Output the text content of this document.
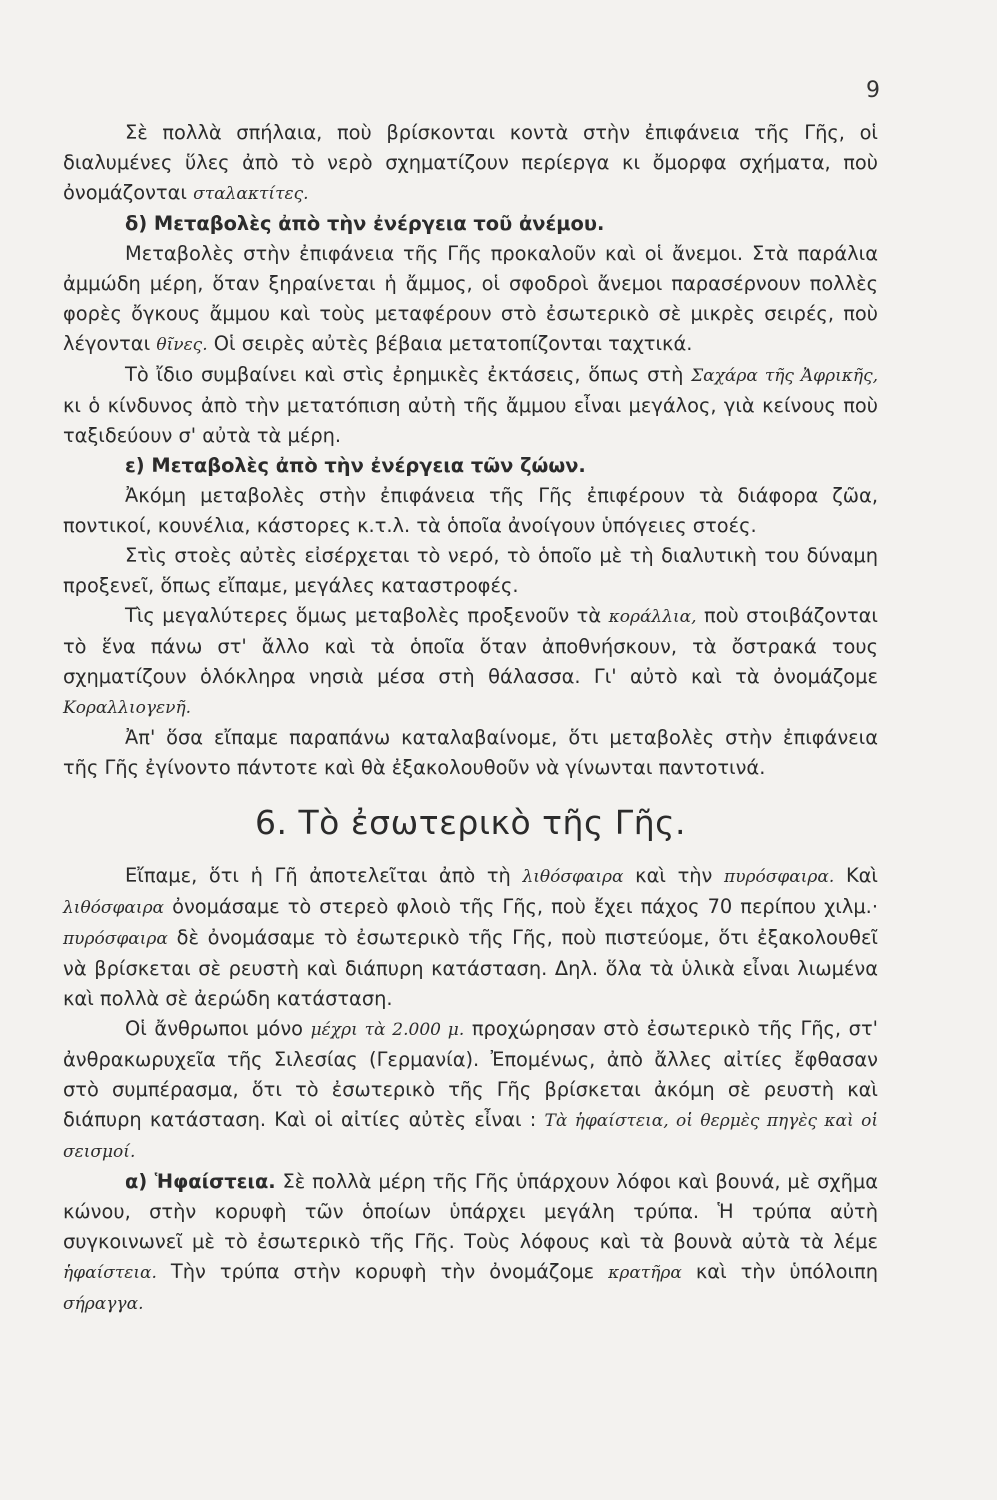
9

Σὲ πολλὰ σπήλαια, ποὺ βρίσκονται κοντὰ στὴν ἐπιφάνεια τῆς Γῆς, οἱ διαλυμένες ὕλες ἀπὸ τὸ νερὸ σχηματίζουν περίεργα κι ὄμορφα σχήματα, ποὺ ὀνομάζονται σταλακτίτες.

δ) Μεταβολὲς ἀπὸ τὴν ἐνέργεια τοῦ ἀνέμου.

Μεταβολὲς στὴν ἐπιφάνεια τῆς Γῆς προκαλοῦν καὶ οἱ ἄνεμοι. Στὰ παράλια ἀμμώδη μέρη, ὅταν ξηραίνεται ἡ ἄμμος, οἱ σφοδροὶ ἄνεμοι παρασέρνουν πολλὲς φορὲς ὄγκους ἄμμου καὶ τοὺς μεταφέρουν στὸ ἐσωτερικὸ σὲ μικρὲς σειρές, ποὺ λέγονται θῖνες. Οἱ σειρὲς αὐτὲς βέβαια μετατοπίζονται ταχτικά.

Τὸ ἴδιο συμβαίνει καὶ στὶς ἐρημικὲς ἐκτάσεις, ὅπως στὴ Σαχάρα τῆς Ἀφρικῆς, κι ὁ κίνδυνος ἀπὸ τὴν μετατόπιση αὐτὴ τῆς ἄμμου εἶναι μεγάλος, γιὰ κείνους ποὺ ταξιδεύουν σ' αὐτὰ τὰ μέρη.

ε) Μεταβολὲς ἀπὸ τὴν ἐνέργεια τῶν ζώων.

Ἀκόμη μεταβολὲς στὴν ἐπιφάνεια τῆς Γῆς ἐπιφέρουν τὰ διάφορα ζῶα, ποντικοί, κουνέλια, κάστορες κ.τ.λ. τὰ ὁποῖα ἀνοίγουν ὑπόγειες στοές.

Στὶς στοὲς αὐτὲς εἰσέρχεται τὸ νερό, τὸ ὁποῖο μὲ τὴ διαλυτικὴ του δύναμη προξενεῖ, ὅπως εἴπαμε, μεγάλες καταστροφές.

Τὶς μεγαλύτερες ὅμως μεταβολὲς προξενοῦν τὰ κοράλλια, ποὺ στοιβάζονται τὸ ἕνα πάνω στ' ἄλλο καὶ τὰ ὁποῖα ὅταν ἀποθνήσκουν, τὰ ὄστρακά τους σχηματίζουν ὁλόκληρα νησιὰ μέσα στὴ θάλασσα. Γι' αὐτὸ καὶ τὰ ὀνομάζομε Κοραλλιογενῆ.

Ἀπ' ὅσα εἴπαμε παραπάνω καταλαβαίνομε, ὅτι μεταβολὲς στὴν ἐπιφάνεια τῆς Γῆς ἐγίνοντο πάντοτε καὶ θὰ ἐξακολουθοῦν νὰ γίνωνται παντοτινά.

6. Τὸ ἐσωτερικὸ τῆς Γῆς.

Εἴπαμε, ὅτι ἡ Γῆ ἀποτελεῖται ἀπὸ τὴ λιθόσφαιρα καὶ τὴν πυρόσφαιρα. Καὶ λιθόσφαιρα ὀνομάσαμε τὸ στερεὸ φλοιὸ τῆς Γῆς, ποὺ ἔχει πάχος 70 περίπου χιλμ.· πυρόσφαιρα δὲ ὀνομάσαμε τὸ ἐσωτερικὸ τῆς Γῆς, ποὺ πιστεύομε, ὅτι ἐξακολουθεῖ νὰ βρίσκεται σὲ ρευστὴ καὶ διάπυρη κατάσταση. Δηλ. ὅλα τὰ ὑλικὰ εἶναι λιωμένα καὶ πολλὰ σὲ ἀερώδη κατάσταση.

Οἱ ἄνθρωποι μόνο μέχρι τὰ 2.000 μ. προχώρησαν στὸ ἐσωτερικὸ τῆς Γῆς, στ' ἀνθρακωρυχεῖα τῆς Σιλεσίας (Γερμανία). Ἐπομένως, ἀπὸ ἄλλες αἰτίες ἔφθασαν στὸ συμπέρασμα, ὅτι τὸ ἐσωτερικὸ τῆς Γῆς βρίσκεται ἀκόμη σὲ ρευστὴ καὶ διάπυρη κατάσταση. Καὶ οἱ αἰτίες αὐτὲς εἶναι : Τὰ ἡφαίστεια, οἱ θερμὲς πηγὲς καὶ οἱ σεισμοί.

α) Ἡφαίστεια. Σὲ πολλὰ μέρη τῆς Γῆς ὑπάρχουν λόφοι καὶ βουνά, μὲ σχῆμα κώνου, στὴν κορυφὴ τῶν ὁποίων ὑπάρχει μεγάλη τρύπα. Ἡ τρύπα αὐτὴ συγκοινωνεῖ μὲ τὸ ἐσωτερικὸ τῆς Γῆς. Τοὺς λόφους καὶ τὰ βουνὰ αὐτὰ τὰ λέμε ἡφαίστεια. Τὴν τρύπα στὴν κορυφὴ τὴν ὀνομάζομε κρατῆρα καὶ τὴν ὑπόλοιπη σήραγγα.
